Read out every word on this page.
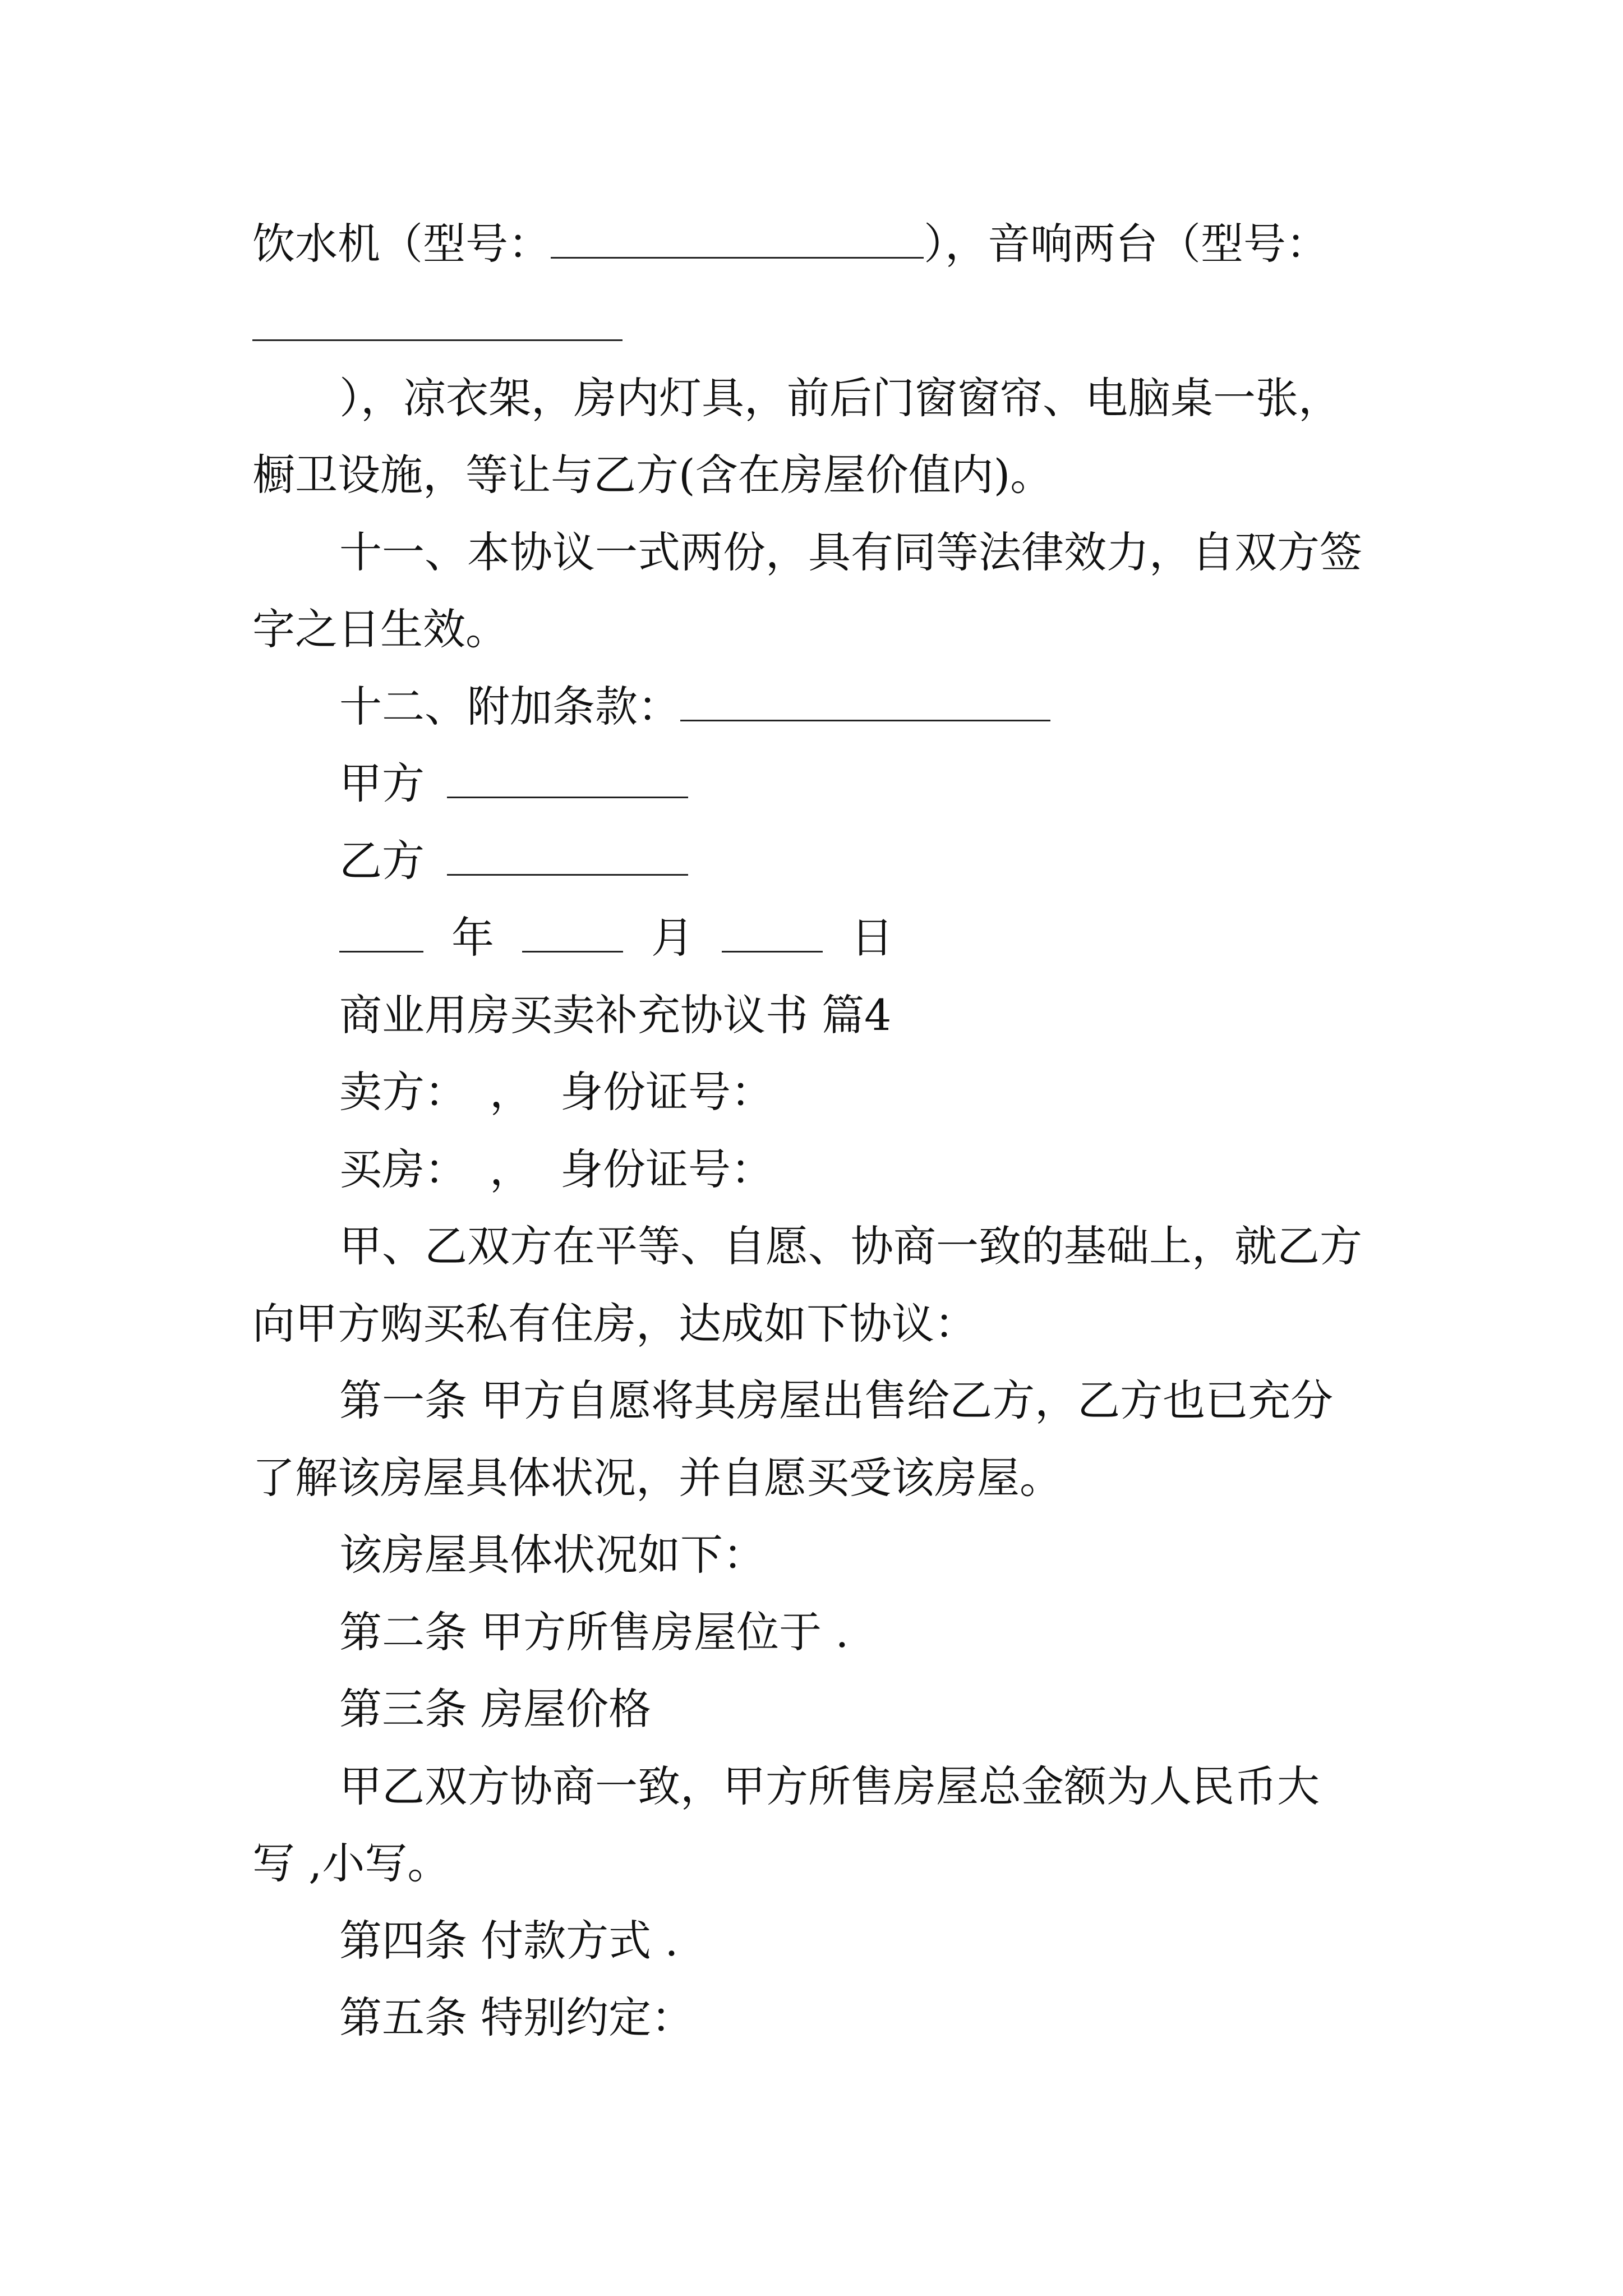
饮水机（型号：	），音响两台（型号：
），凉衣架，房内灯具，前后门窗窗帘、电脑桌一张，
橱卫设施，等让与乙方(含在房屋价值内)。
十一、本协议一式两份，具有同等法律效力，自双方签
字之日生效。
十二、附加条款：
甲方
乙方
年	月	日
商业用房买卖补充协议书 篇4
卖方： ， 身份证号：
买房： ， 身份证号：
甲、乙双方在平等、自愿、协商一致的基础上，就乙方
向甲方购买私有住房，达成如下协议：
第一条 甲方自愿将其房屋出售给乙方，乙方也已充分
了解该房屋具体状况，并自愿买受该房屋。
该房屋具体状况如下：
第二条 甲方所售房屋位于 .
第三条 房屋价格
甲乙双方协商一致，甲方所售房屋总金额为人民币大
写 ,小写。
第四条 付款方式 .
第五条 特别约定：
